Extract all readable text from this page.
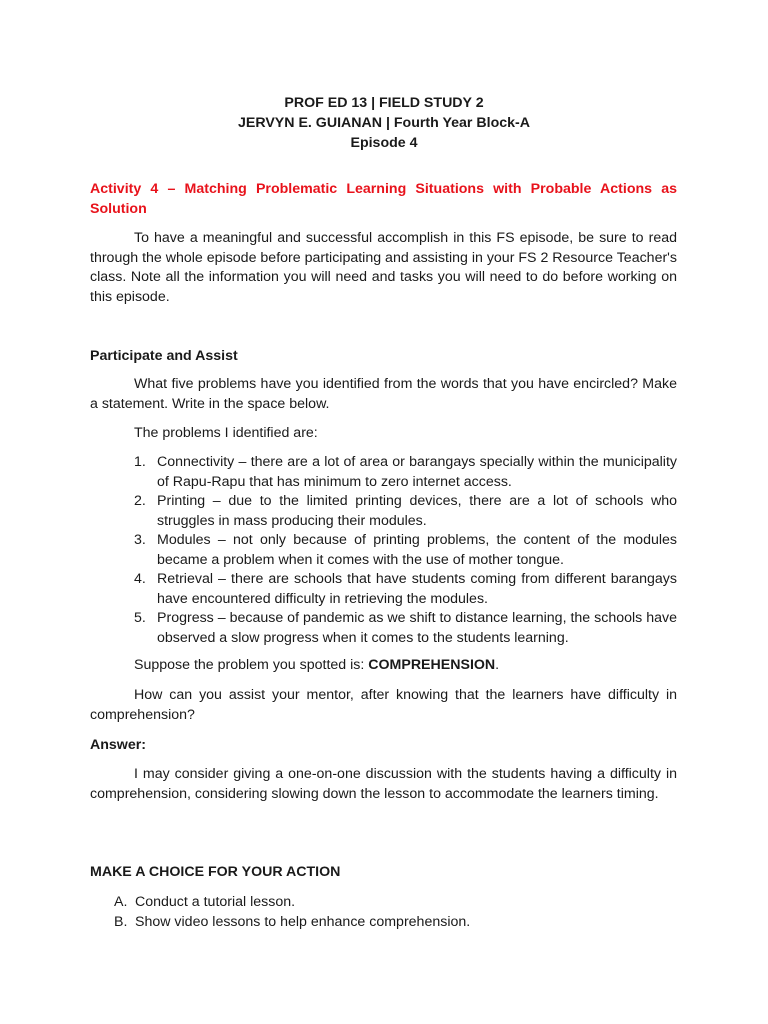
PROF ED 13 | FIELD STUDY 2
JERVYN E. GUIANAN | Fourth Year Block-A
Episode 4
Activity 4 – Matching Problematic Learning Situations with Probable Actions as Solution
To have a meaningful and successful accomplish in this FS episode, be sure to read through the whole episode before participating and assisting in your FS 2 Resource Teacher's class. Note all the information you will need and tasks you will need to do before working on this episode.
Participate and Assist
What five problems have you identified from the words that you have encircled? Make a statement. Write in the space below.
The problems I identified are:
1. Connectivity – there are a lot of area or barangays specially within the municipality of Rapu-Rapu that has minimum to zero internet access.
2. Printing – due to the limited printing devices, there are a lot of schools who struggles in mass producing their modules.
3. Modules – not only because of printing problems, the content of the modules became a problem when it comes with the use of mother tongue.
4. Retrieval – there are schools that have students coming from different barangays have encountered difficulty in retrieving the modules.
5. Progress – because of pandemic as we shift to distance learning, the schools have observed a slow progress when it comes to the students learning.
Suppose the problem you spotted is: COMPREHENSION.
How can you assist your mentor, after knowing that the learners have difficulty in comprehension?
Answer:
I may consider giving a one-on-one discussion with the students having a difficulty in comprehension, considering slowing down the lesson to accommodate the learners timing.
MAKE A CHOICE FOR YOUR ACTION
A. Conduct a tutorial lesson.
B. Show video lessons to help enhance comprehension.
